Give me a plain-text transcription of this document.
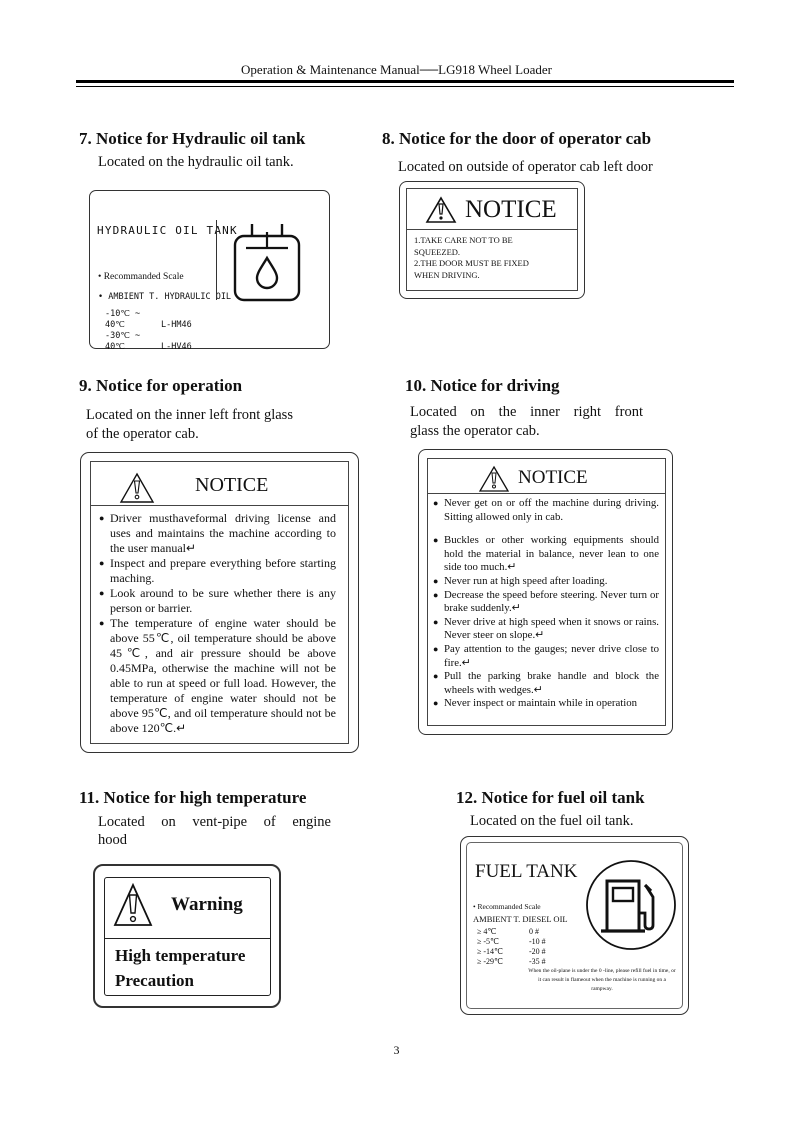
Operation & Maintenance Manual──LG918 Wheel Loader
7. Notice for Hydraulic oil tank
Located on the hydraulic oil tank.
HYDRAULIC OIL TANK
• Recommanded Scale
• AMBIENT T. HYDRAULIC OIL
-10℃ ~ 40℃	L-HM46
-30℃ ~ 40℃	L-HV46
8. Notice for the door of operator cab
Located on outside of operator cab left door
NOTICE
1.TAKE CARE NOT TO BE
SQUEEZED.
2.THE DOOR MUST BE FIXED
WHEN DRIVING.
9. Notice for operation
Located on the inner left front glass
of the operator cab.
NOTICE
● Driver musthaveformal driving license and uses and maintains the machine according to the user manual↵
● Inspect and prepare everything before starting maching.
● Look around to be sure whether there is any person or barrier.
● The temperature of engine water should be above 55℃, oil temperature should be above 45℃, and air pressure should be above 0.45MPa, otherwise the machine will not be able to run at speed or full load. However, the temperature of engine water should not be above 95℃, and oil temperature should not be above 120℃.↵
10. Notice for driving
Located on the inner right front
glass the operator cab.
NOTICE
● Never get on or off the machine during driving. Sitting allowed only in cab.
● Buckles or other working equipments should hold the material in balance, never lean to one side too much.↵
● Never run at high speed after loading.
● Decrease the speed before steering. Never turn or brake suddenly.↵
● Never drive at high speed when it snows or rains. Never steer on slope.↵
● Pay attention to the gauges; never drive close to fire.↵
● Pull the parking brake handle and block the wheels with wedges.↵
● Never inspect or maintain while in operation
11. Notice for high temperature
Located on vent-pipe of engine
hood
Warning
High temperature
Precaution
12. Notice for fuel oil tank
Located on the fuel oil tank.
FUEL TANK
• Recommanded Scale
AMBIENT T. DIESEL OIL
≥ 4℃	0 #
≥ -5℃	-10 #
≥ -14℃	-20 #
≥ -29℃	-35 #
When the oil-plane is under the 0 -line, please refill fuel in time, or it can result in flameout when the machine is running on a rampway.
3
